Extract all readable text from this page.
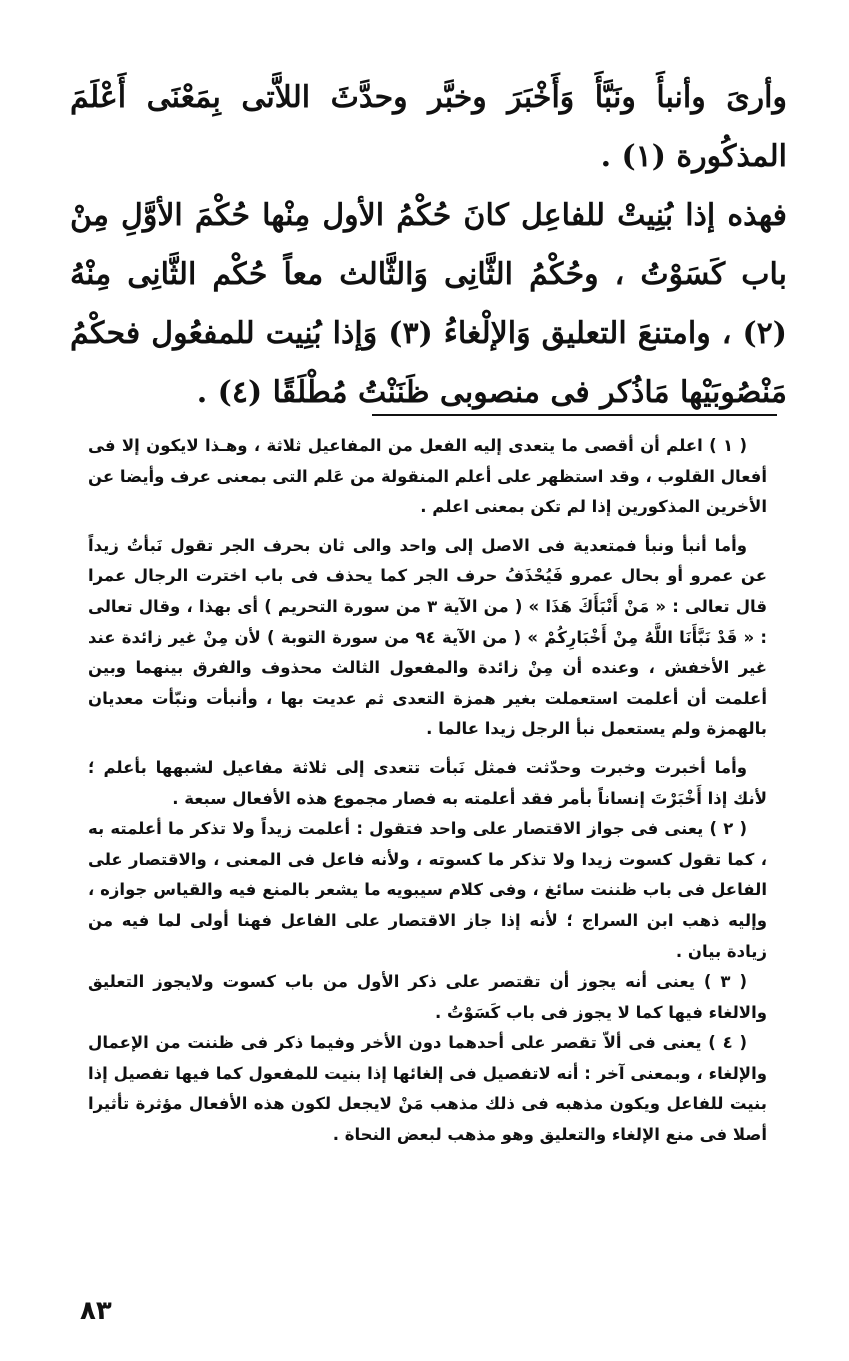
وأرىَ وأنبأَ ونَبَّأَ وَأَخْبَرَ وخبَّر وحدَّثَ اللاَّتى بِمَعْنَى أَعْلَمَ المذكُورة (١) .

فهذه إذا بُنِيتْ للفاعِل كانَ حُكْمُ الأول مِنْها حُكْمَ الأوَّلِ مِنْ باب كَسَوْتُ ، وحُكْمُ الثَّانِى وَالثَّالث معاً حُكْم الثَّانِى مِنْهُ (٢) ، وامتنعَ التعليق وَالإلْغاءُ (٣) وَإذا بُنِيت للمفعُول فحكْمُ مَنْصُوبَيْها مَاذُكر فى منصوبى ظَنَنْتُ مُطْلَقًا (٤) .

( ١ ) اعلم أن أقصى ما يتعدى إليه الفعل من المفاعيل ثلاثة ، وهـذا لايكون إلا فى أفعال القلوب ، وقد استظهر على أعلم المنقولة من عَلم التى بمعنى عرف وأيضا عن الأخرين المذكورين إذا لم تكن بمعنى اعلم .

وأما أنبأ ونبأ فمتعدية فى الاصل إلى واحد والى ثان بحرف الجر تقول نَبأتُ زيداً عن عمرو أو بحال عمرو فَيُحْذَفُ حرف الجر كما يحذف فى باب اخترت الرجال عمرا قال تعالى : « مَنْ أَنْبَأَكَ هَذَا » ( من الآية ٣ من سورة التحريم ) أى بهذا ، وقال تعالى : « قَدْ نَبَّأَنَا اللَّهُ مِنْ أَخْبَارِكُمْ » ( من الآية ٩٤ من سورة التوبة ) لأن مِنْ غير زائدة عند غير الأخفش ، وعنده أن مِنْ زائدة والمفعول الثالث محذوف والفرق بينهما وبين أعلمت أن أعلمت استعملت بغير همزة التعدى ثم عديت بها ، وأنبأت ونبّأت معديان بالهمزة ولم يستعمل نبأ الرجل زيدا عالما .

وأما أخبرت وخبرت وحدّثت فمثل نَبأت تتعدى إلى ثلاثة مفاعيل لشبهها بأعلم ؛ لأنك إذا أَخْبَرْتَ إنساناً بأمر فقد أعلمته به فصار مجموع هذه الأفعال سبعة .

( ٢ ) يعنى فى جواز الاقتصار على واحد فتقول : أعلمت زيداً ولا تذكر ما أعلمته به ، كما تقول كسوت زيدا ولا تذكر ما كسوته ، ولأنه فاعل فى المعنى ، والاقتصار على الفاعل فى باب ظننت سائغ ، وفى كلام سيبويه ما يشعر بالمنع فيه والقياس جوازه ، وإليه ذهب ابن السراج ؛ لأنه إذا جاز الاقتصار على الفاعل فهنا أولى لما فيه من زيادة بيان .

( ٣ ) يعنى أنه يجوز أن تقتصر على ذكر الأول من باب كسوت ولايجوز التعليق والالغاء فيها كما لا يجوز فى باب كَسَوْتُ .

( ٤ ) يعنى فى ألاّ تقصر على أحدهما دون الأخر وفيما ذكر فى ظننت من الإعمال والإلغاء ، وبمعنى آخر : أنه لاتفصيل فى إلغائها إذا بنيت للمفعول كما فيها تفصيل إذا بنيت للفاعل ويكون مذهبه فى ذلك مذهب مَنْ لايجعل لكون هذه الأفعال مؤثرة تأثيرا أصلا فى منع الإلغاء والتعليق وهو مذهب لبعض النحاة .

٨٣
